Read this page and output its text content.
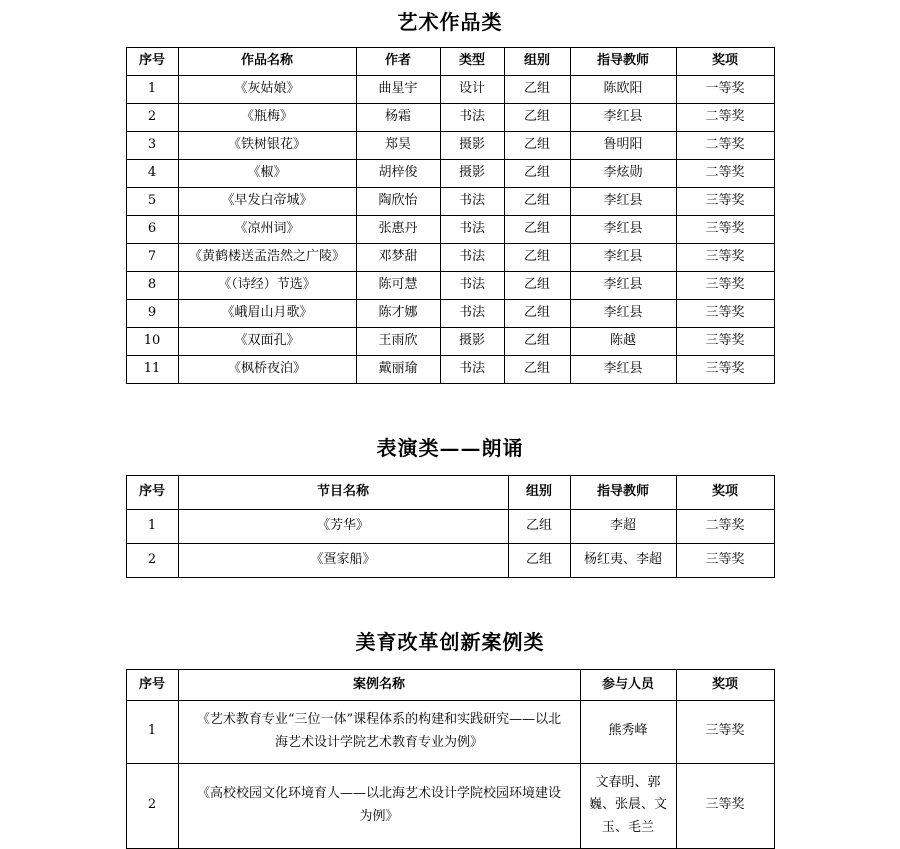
艺术作品类
序号	作品名称	作者	类型	组别	指导教师	奖项
1	《灰姑娘》	曲星宇	设计	乙组	陈欧阳	一等奖
2	《瓶梅》	杨霜	书法	乙组	李红县	二等奖
3	《铁树银花》	郑昊	摄影	乙组	鲁明阳	二等奖
4	《椒》	胡梓俊	摄影	乙组	李炫勋	二等奖
5	《早发白帝城》	陶欣怡	书法	乙组	李红县	三等奖
6	《凉州词》	张惠丹	书法	乙组	李红县	三等奖
7	《黄鹤楼送孟浩然之广陵》	邓梦甜	书法	乙组	李红县	三等奖
8	《（诗经）节选》	陈可慧	书法	乙组	李红县	三等奖
9	《峨眉山月歌》	陈才娜	书法	乙组	李红县	三等奖
10	《双面孔》	王雨欣	摄影	乙组	陈越	三等奖
11	《枫桥夜泊》	戴丽瑜	书法	乙组	李红县	三等奖
表演类——朗诵
序号	节目名称	组别	指导教师	奖项
1	《芳华》	乙组	李超	二等奖
2	《疍家船》	乙组	杨红夷、李超	三等奖
美育改革创新案例类
序号	案例名称	参与人员	奖项
1	《艺术教育专业“三位一体”课程体系的构建和实践研究——以北海艺术设计学院艺术教育专业为例》	熊秀峰	三等奖
2	《高校校园文化环境育人——以北海艺术设计学院校园环境建设为例》	文春明、郭巍、张晨、文玉、毛兰	三等奖
